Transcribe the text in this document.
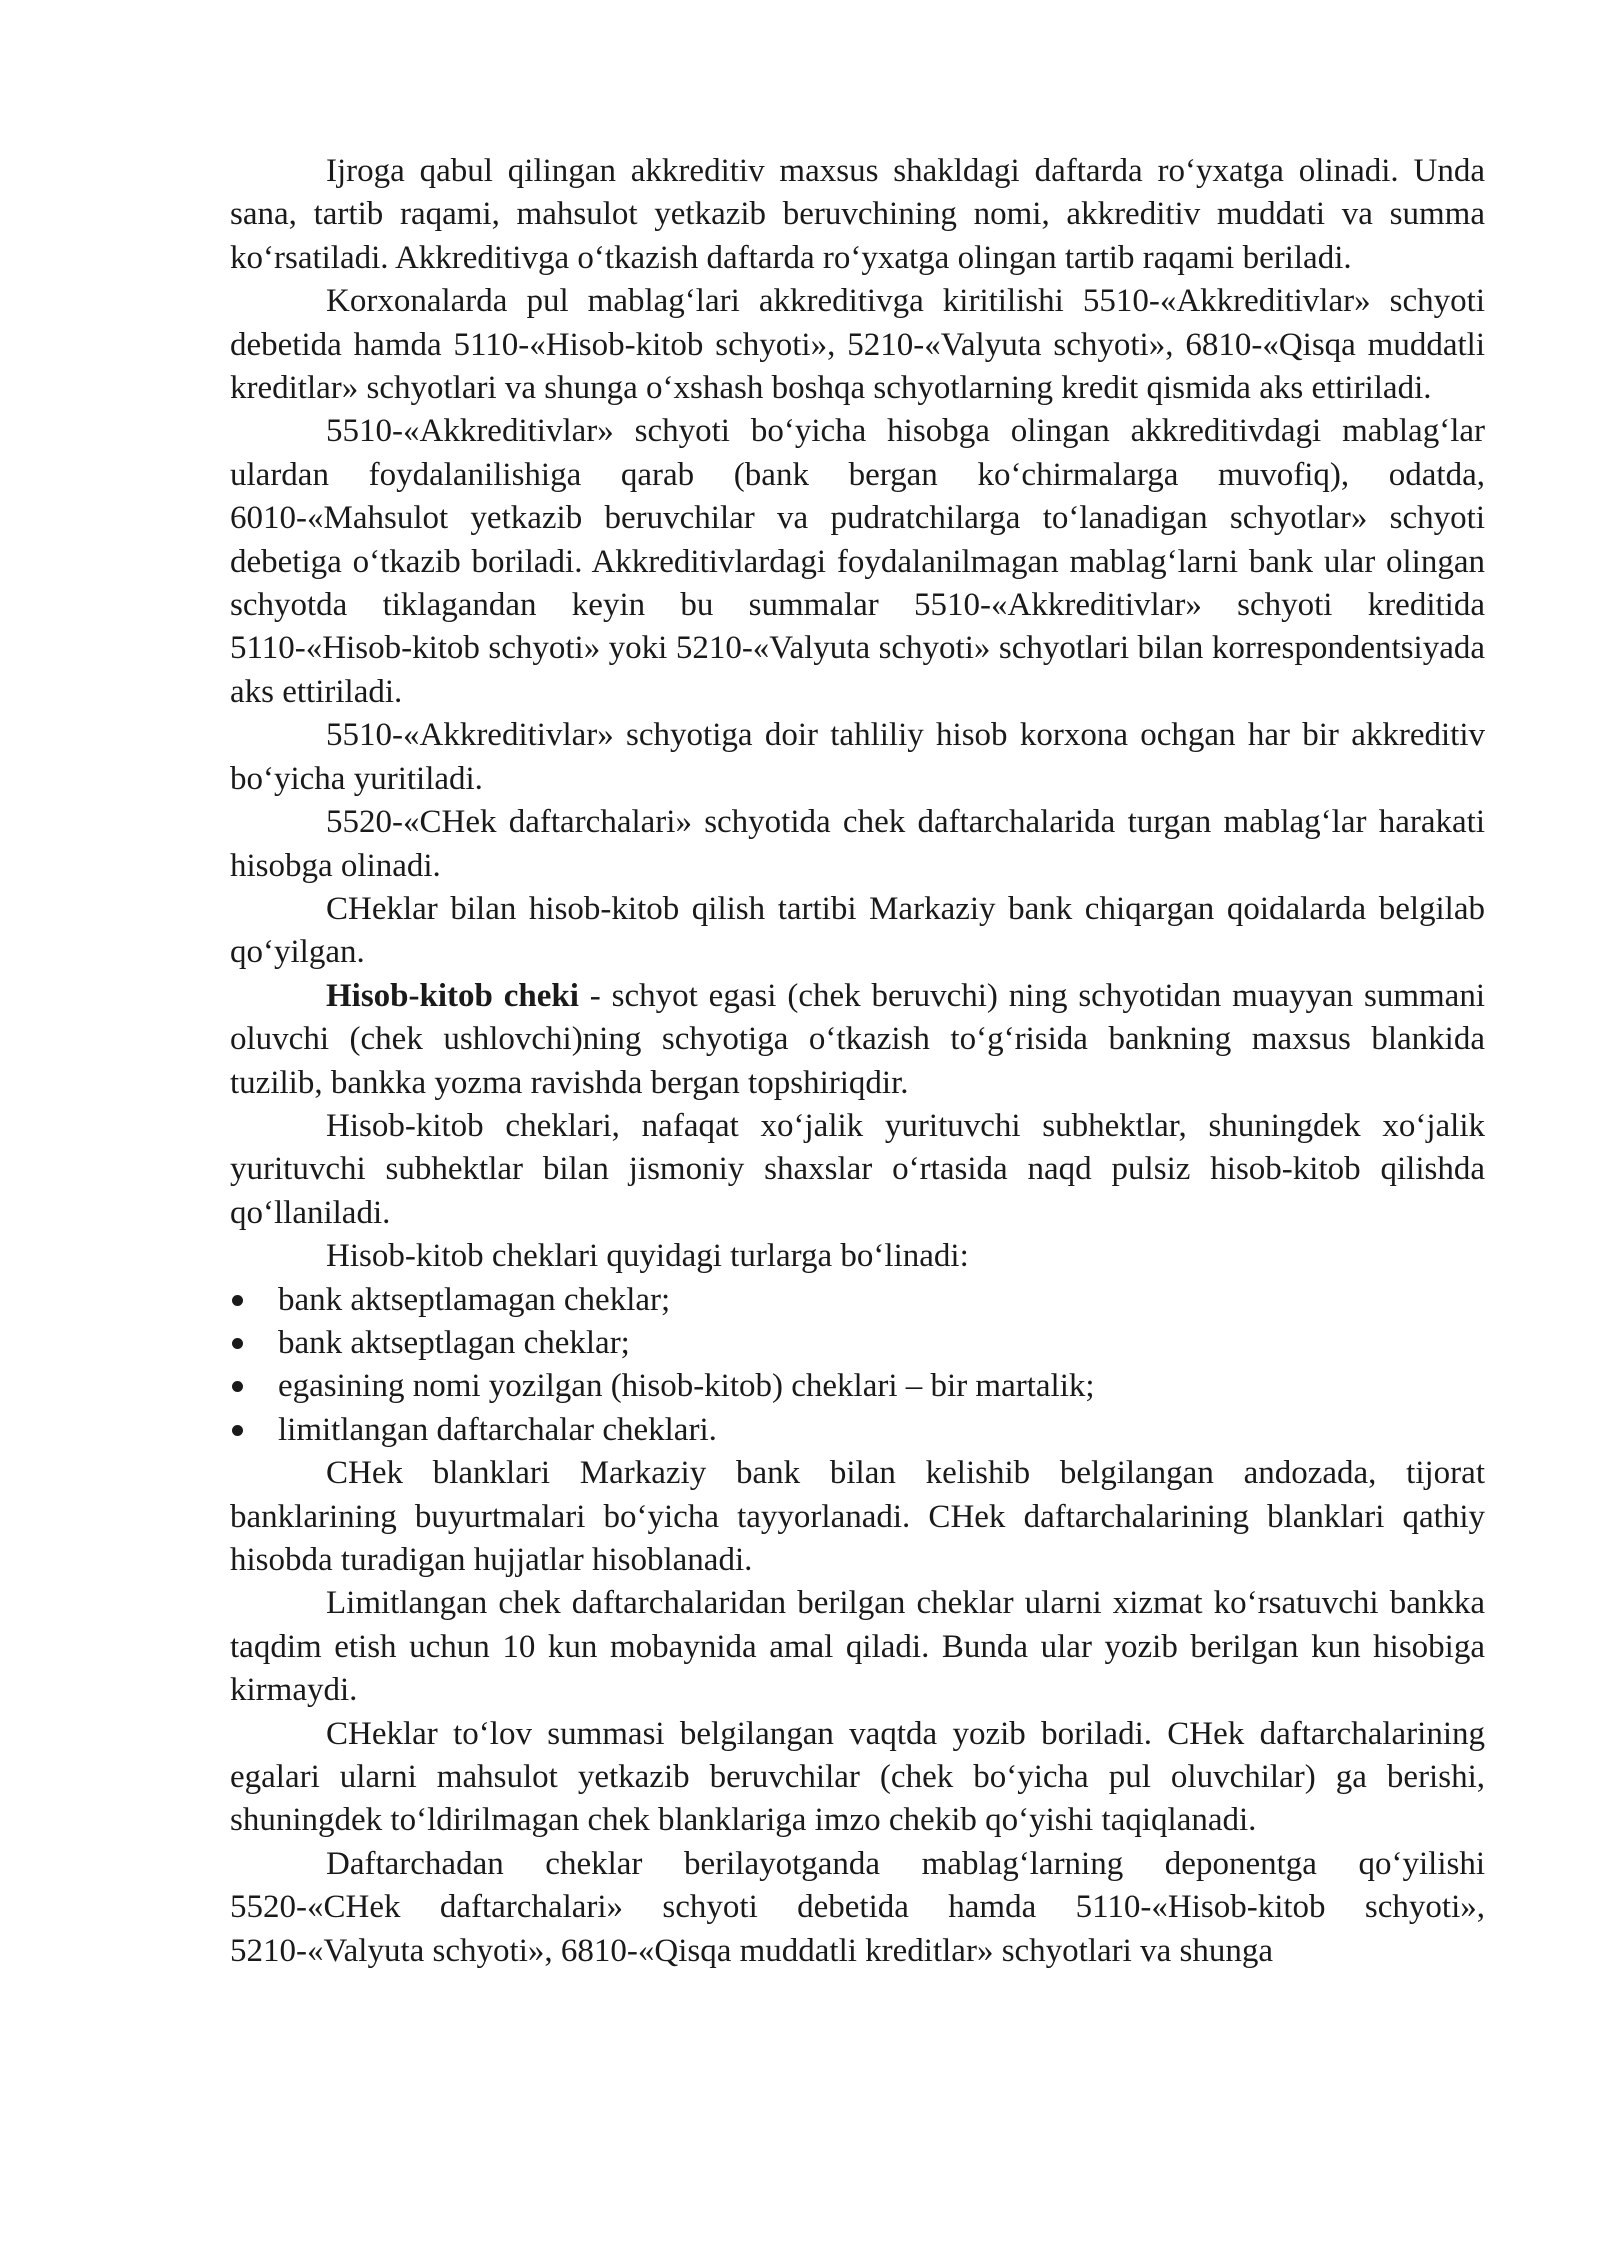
Ijroga qabul qilingan akkreditiv maxsus shakldagi daftarda roʻyxatga olinadi. Unda sana, tartib raqami, mahsulot yetkazib beruvchining nomi, akkreditiv muddati va summa koʻrsatiladi. Akkreditivga oʻtkazish daftarda roʻyxatga olingan tartib raqami beriladi.

Korxonalarda pul mablagʻlari akkreditivga kiritilishi 5510-«Akkreditivlar» schyoti debetida hamda 5110-«Hisob-kitob schyoti», 5210-«Valyuta schyoti», 6810-«Qisqa muddatli kreditlar» schyotlari va shunga oʻxshash boshqa schyotlarning kredit qismida aks ettiriladi.

5510-«Akkreditivlar» schyoti boʻyicha hisobga olingan akkreditivdagi mablagʻlar ulardan foydalanilishiga qarab (bank bergan koʻchirmalarga muvofiq), odatda, 6010-«Mahsulot yetkazib beruvchilar va pudratchilarga toʻlanadigan schyotlar» schyoti debetiga oʻtkazib boriladi. Akkreditivlardagi foydalanilmagan mablagʻlarni bank ular olingan schyotda tiklagandan keyin bu summalar 5510-«Akkreditivlar» schyoti kreditida 5110-«Hisob-kitob schyoti» yoki 5210-«Valyuta schyoti» schyotlari bilan korrespondentsiyada aks ettiriladi.

5510-«Akkreditivlar» schyotiga doir tahliliy hisob korxona ochgan har bir akkreditiv boʻyicha yuritiladi.

5520-«CHek daftarchalari» schyotida chek daftarchalarida turgan mablagʻlar harakati hisobga olinadi.

CHeklar bilan hisob-kitob qilish tartibi Markaziy bank chiqargan qoidalarda belgilab qoʻyilgan.

Hisob-kitob cheki - schyot egasi (chek beruvchi) ning schyotidan muayyan summani oluvchi (chek ushlovchi)ning schyotiga oʻtkazish toʻgʻrisida bankning maxsus blankida tuzilib, bankka yozma ravishda bergan topshiriqdir.

Hisob-kitob cheklari, nafaqat xoʻjalik yurituvchi subhektlar, shuningdek xoʻjalik yurituvchi subhektlar bilan jismoniy shaxslar oʻrtasida naqd pulsiz hisob-kitob qilishda qoʻllaniladi.

Hisob-kitob cheklari quyidagi turlarga boʻlinadi:

bank aktseptlamagan cheklar;
bank aktseptlagan cheklar;
egasining nomi yozilgan (hisob-kitob) cheklari – bir martalik;
limitlangan daftarchalar cheklari.

CHek blanklari Markaziy bank bilan kelishib belgilangan andozada, tijorat banklarining buyurtmalari boʻyicha tayyorlanadi. CHek daftarchalarining blanklari qathiy hisobda turadigan hujjatlar hisoblanadi.

Limitlangan chek daftarchalaridan berilgan cheklar ularni xizmat koʻrsatuvchi bankka taqdim etish uchun 10 kun mobaynida amal qiladi. Bunda ular yozib berilgan kun hisobiga kirmaydi.

CHeklar toʻlov summasi belgilangan vaqtda yozib boriladi. CHek daftarchalarining egalari ularni mahsulot yetkazib beruvchilar (chek boʻyicha pul oluvchilar) ga berishi, shuningdek toʻldirilmagan chek blanklariga imzo chekib qoʻyishi taqiqlanadi.

Daftarchadan cheklar berilayotganda mablagʻlarning deponentga qoʻyilishi 5520-«CHek daftarchalari» schyoti debetida hamda 5110-«Hisob-kitob schyoti», 5210-«Valyuta schyoti», 6810-«Qisqa muddatli kreditlar» schyotlari va shunga
